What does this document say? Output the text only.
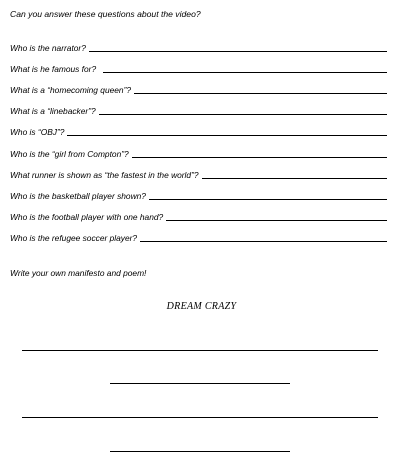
Can you answer these questions about the video?
Who is the narrator?
What is he famous for?
What is a “homecoming queen”?
What is a “linebacker”?
Who is “OBJ”?
Who is the “girl from Compton”?
What runner is shown as “the fastest in the world”?
Who is the basketball player shown?
Who is the football player with one hand?
Who is the refugee soccer player?
Write your own manifesto and poem!
DREAM CRAZY
